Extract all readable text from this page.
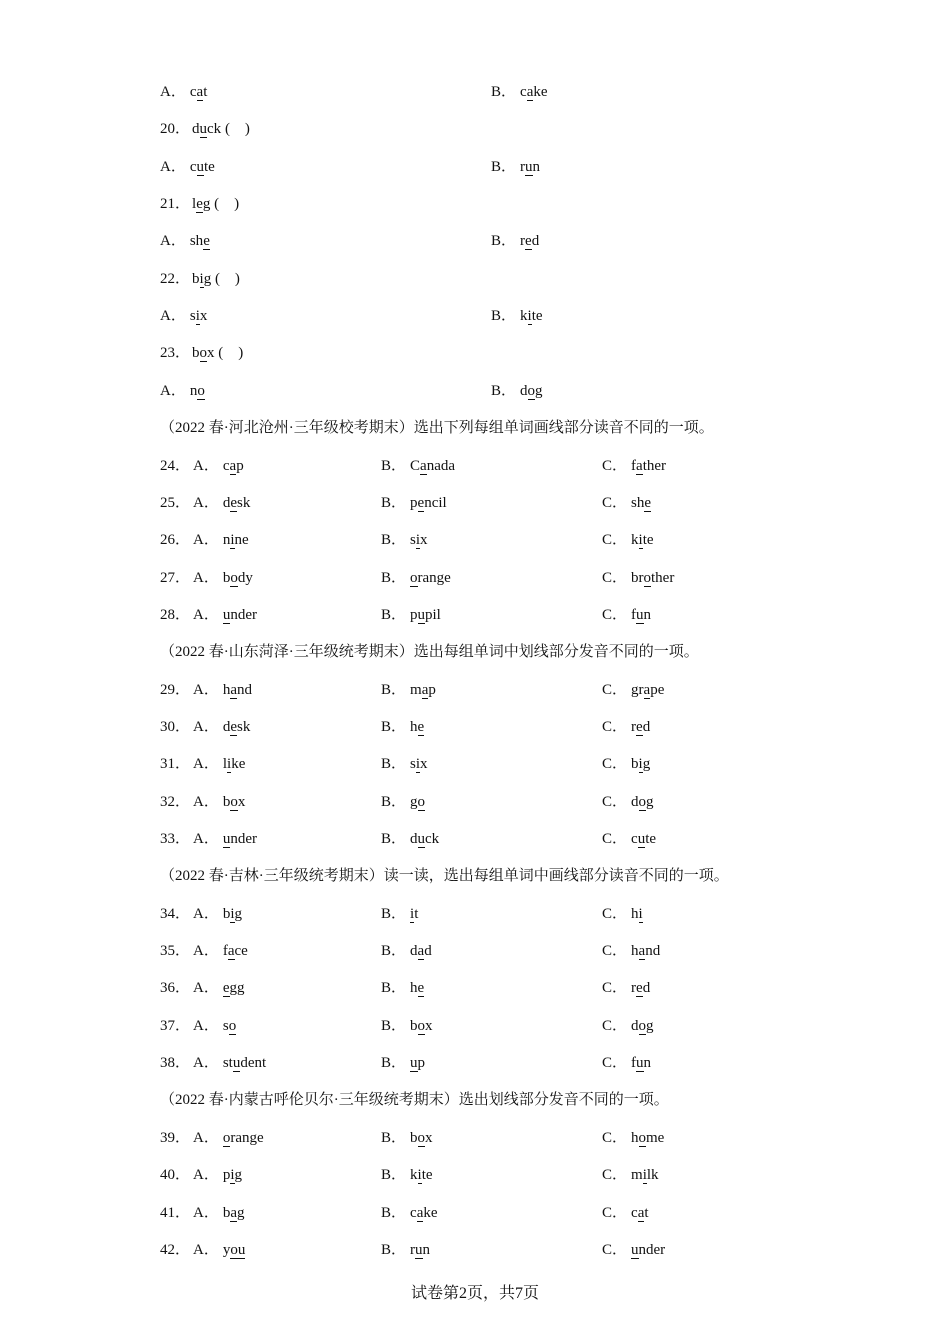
A． cat	B． cake
20． duck (　)
A． cute	B． run
21． leg (　)
A． she	B． red
22． big (　)
A． six	B． kite
23． box (　)
A． no	B． dog
（2022 春·河北沧州·三年级校考期末）选出下列每组单词画线部分读音不同的一项。
24． A． cap	B． Canada	C． father
25． A． desk	B． pencil	C． she
26． A． nine	B． six	C． kite
27． A． body	B． orange	C． brother
28． A． under	B． pupil	C． fun
（2022 春·山东菏泽·三年级统考期末）选出每组单词中划线部分发音不同的一项。
29． A． hand	B． map	C． grape
30． A． desk	B． he	C． red
31． A． like	B． six	C． big
32． A． box	B． go	C． dog
33． A． under	B． duck	C． cute
（2022 春·吉林·三年级统考期末）读一读，选出每组单词中画线部分读音不同的一项。
34． A． big	B． it	C． hi
35． A． face	B． dad	C． hand
36． A． egg	B． he	C． red
37． A． so	B． box	C． dog
38． A． student	B． up	C． fun
（2022 春·内蒙古呼伦贝尔·三年级统考期末）选出划线部分发音不同的一项。
39． A． orange	B． box	C． home
40． A． pig	B． kite	C． milk
41． A． bag	B． cake	C． cat
42． A． you	B． run	C． under
试卷第2页，共7页
